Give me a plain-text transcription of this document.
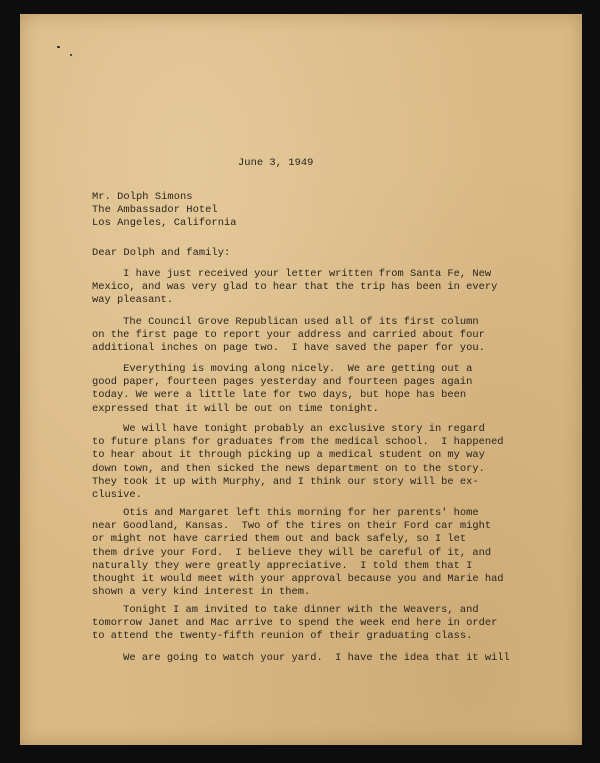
June 3, 1949
Mr. Dolph Simons
The Ambassador Hotel
Los Angeles, California
Dear Dolph and family:
I have just received your letter written from Santa Fe, New
Mexico, and was very glad to hear that the trip has been in every
way pleasant.
The Council Grove Republican used all of its first column
on the first page to report your address and carried about four
additional inches on page two.  I have saved the paper for you.
Everything is moving along nicely.  We are getting out a
good paper, fourteen pages yesterday and fourteen pages again
today. We were a little late for two days, but hope has been
expressed that it will be out on time tonight.
We will have tonight probably an exclusive story in regard
to future plans for graduates from the medical school.  I happened
to hear about it through picking up a medical student on my way
down town, and then sicked the news department on to the story.
They took it up with Murphy, and I think our story will be ex-
clusive.
Otis and Margaret left this morning for her parents' home
near Goodland, Kansas.  Two of the tires on their Ford car might
or might not have carried them out and back safely, so I let
them drive your Ford.  I believe they will be careful of it, and
naturally they were greatly appreciative.  I told them that I
thought it would meet with your approval because you and Marie had
shown a very kind interest in them.
Tonight I am invited to take dinner with the Weavers, and
tomorrow Janet and Mac arrive to spend the week end here in order
to attend the twenty-fifth reunion of their graduating class.
We are going to watch your yard.  I have the idea that it will
